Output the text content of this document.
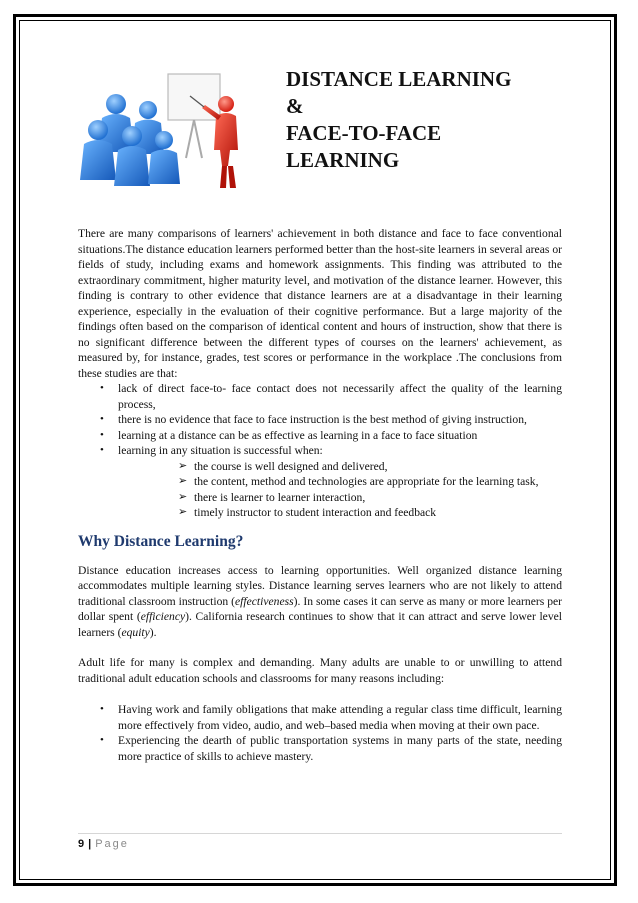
DISTANCE LEARNING
&
FACE-TO-FACE
LEARNING

There are many comparisons of learners' achievement in both distance and face to face conventional situations.The distance education learners performed better than the host-site learners in several areas or fields of study, including exams and homework assignments. This finding was attributed to the extraordinary commitment, higher maturity level, and motivation of the distance learner. However, this finding is contrary to other evidence that distance learners are at a disadvantage in their learning experience, especially in the evaluation of their cognitive performance. But a large majority of the findings often based on the comparison of identical content and hours of instruction, show that there is no significant difference between the different types of courses on the learners' achievement, as measured by, for instance, grades, test scores or performance in the workplace .The conclusions from these studies are that:

• lack of direct face-to- face contact does not necessarily affect the quality of the learning process,
• there is no evidence that face to face instruction is the best method of giving instruction,
• learning at a distance can be as effective as learning in a face to face situation
• learning in any situation is successful when:
➢ the course is well designed and delivered,
➢ the content, method and technologies are appropriate for the learning task,
➢ there is learner to learner interaction,
➢ timely instructor to student interaction and feedback
Why Distance Learning?

Distance education increases access to learning opportunities. Well organized distance learning accommodates multiple learning styles. Distance learning serves learners who are not likely to attend traditional classroom instruction (effectiveness). In some cases it can serve as many or more learners per dollar spent (efficiency). California research continues to show that it can attract and serve lower level learners (equity).

Adult life for many is complex and demanding. Many adults are unable to or unwilling to attend traditional adult education schools and classrooms for many reasons including:

• Having work and family obligations that make attending a regular class time difficult, learning more effectively from video, audio, and web–based media when moving at their own pace.
• Experiencing the dearth of public transportation systems in many parts of the state, needing more practice of skills to achieve mastery.
9 | Page
